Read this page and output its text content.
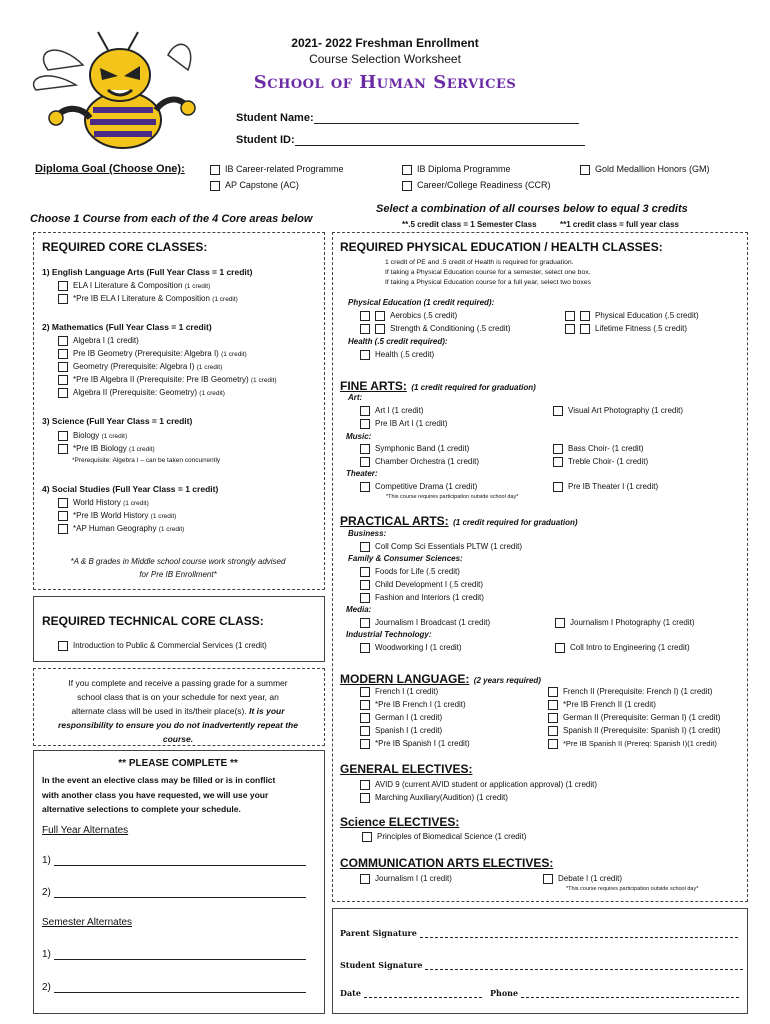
2021- 2022 Freshman Enrollment
Course Selection Worksheet
School of Human Services
Student Name:
Student ID:
Diploma Goal (Choose One):	IB Career-related Programme
AP Capstone (AC)
IB Diploma Programme
Career/College Readiness (CCR)
Gold Medallion Honors (GM)
Choose 1 Course from each of the 4 Core areas below
Select a combination of all courses below to equal 3 credits
**.5 credit class = 1 Semester Class	**1 credit class = full year class
REQUIRED CORE CLASSES:
1) English Language Arts (Full Year Class = 1 credit)
ELA I Literature & Composition (1 credit)
*Pre IB ELA I Literature & Composition (1 credit)
2) Mathematics (Full Year Class = 1 credit)
Algebra I (1 credit)
Pre IB Geometry (Prerequisite: Algebra I) (1 credit)
Geometry (Prerequisite: Algebra I) (1 credit)
*Pre IB Algebra II (Prerequisite: Pre IB Geometry) (1 credit)
Algebra II (Prerequisite: Geometry) (1 credit)
3) Science (Full Year Class = 1 credit)
Biology (1 credit)
*Pre IB Biology (1 credit)
*Prerequisite: Algebra I – can be taken concurrently
4) Social Studies (Full Year Class = 1 credit)
World History (1 credit)
*Pre IB World History (1 credit)
*AP Human Geography (1 credit)
*A & B grades in Middle school course work strongly advised
for Pre IB Enrollment*
REQUIRED TECHNICAL CORE CLASS:
Introduction to Public & Commercial Services (1 credit)
If you complete and receive a passing grade for a summer
school class that is on your schedule for next year, an
alternate class will be used in its/their place(s). It is your
responsibility to ensure you do not inadvertently repeat the
course.
** PLEASE COMPLETE **
In the event an elective class may be filled or is in conflict
with another class you have requested, we will use your
alternative selections to complete your schedule.
Full Year Alternates
1)
2)
Semester Alternates
1)
2)
REQUIRED PHYSICAL EDUCATION / HEALTH CLASSES:
1 credit of PE and .5 credit of Health is required for graduation.
If taking a Physical Education course for a semester, select one box.
If taking a Physical Education course for a full year, select two boxes
Physical Education (1 credit required):
Aerobics (.5 credit)
Strength & Conditioning (.5 credit)
Physical Education (.5 credit)
Lifetime Fitness (.5 credit)
Health (.5 credit required):
Health (.5 credit)
FINE ARTS: (1 credit required for graduation)
Art:
Art I (1 credit)
Pre IB Art I (1 credit)
Visual Art Photography (1 credit)
Music:
Symphonic Band (1 credit)
Chamber Orchestra (1 credit)
Bass Choir- (1 credit)
Treble Choir- (1 credit)
Theater:
Competitive Drama (1 credit)	Pre IB Theater I (1 credit)
*This course requires participation outside school day*
PRACTICAL ARTS: (1 credit required for graduation)
Business:
Coll Comp Sci Essentials PLTW (1 credit)
Family & Consumer Sciences:
Foods for Life (.5 credit)
Child Development I (.5 credit)
Fashion and Interiors (1 credit)
Media:
Journalism I Broadcast (1 credit)	Journalism I Photography (1 credit)
Industrial Technology:
Woodworking I (1 credit)	Coll Intro to Engineering (1 credit)
MODERN LANGUAGE: (2 years required)
French I (1 credit)
*Pre IB French I (1 credit)
German I (1 credit)
Spanish I (1 credit)
*Pre IB Spanish I (1 credit)
French II (Prerequisite: French I) (1 credit)
*Pre IB French II (1 credit)
German II (Prerequisite: German I) (1 credit)
Spanish II (Prerequisite: Spanish I) (1 credit)
*Pre IB Spanish II (Prereq: Spanish I)(1 credit)
GENERAL ELECTIVES:
AVID 9 (current AVID student or application approval) (1 credit)
Marching Auxiliary(Audition) (1 credit)
Science ELECTIVES:
Principles of Biomedical Science (1 credit)
COMMUNICATION ARTS ELECTIVES:
Journalism I (1 credit)	Debate I (1 credit)
*This course requires participation outside school day*
Parent Signature
Student Signature
Date	Phone
